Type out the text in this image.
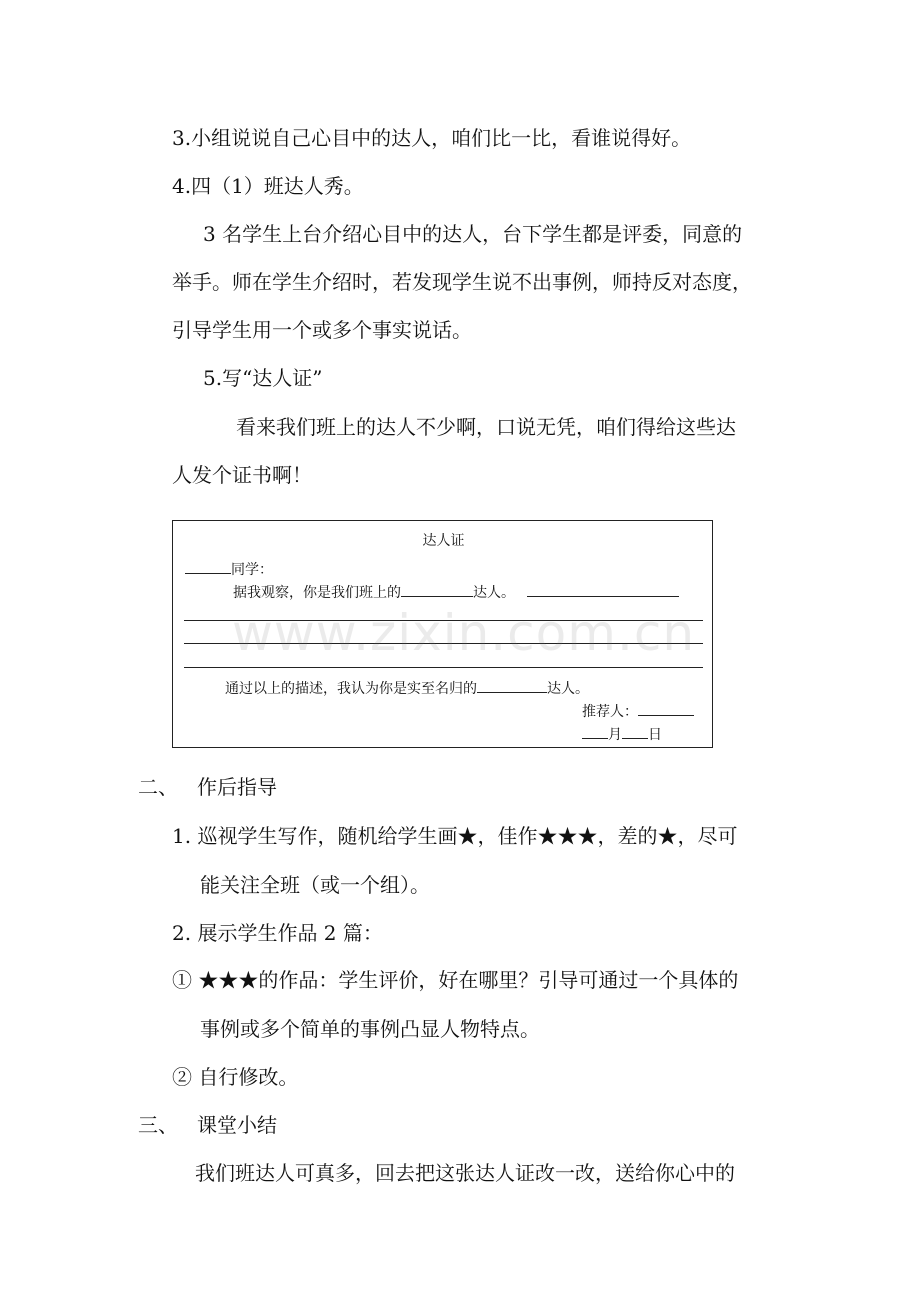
3.小组说说自己心目中的达人，咱们比一比，看谁说得好。
4.四（1）班达人秀。
3 名学生上台介绍心目中的达人，台下学生都是评委，同意的
举手。师在学生介绍时，若发现学生说不出事例，师持反对态度，
引导学生用一个或多个事实说话。
5.写“达人证”
看来我们班上的达人不少啊，口说无凭，咱们得给这些达
人发个证书啊！
达人证
同学：
据我观察，你是我们班上的	达人。
通过以上的描述，我认为你是实至名归的	达人。
推荐人：
月 日
www.zixin.com.cn
二、 作后指导
1. 巡视学生写作，随机给学生画★，佳作★★★，差的★，尽可
能关注全班（或一个组）。
2. 展示学生作品 2 篇：
① ★★★的作品：学生评价，好在哪里？引导可通过一个具体的
事例或多个简单的事例凸显人物特点。
② 自行修改。
三、 课堂小结
我们班达人可真多，回去把这张达人证改一改，送给你心中的
